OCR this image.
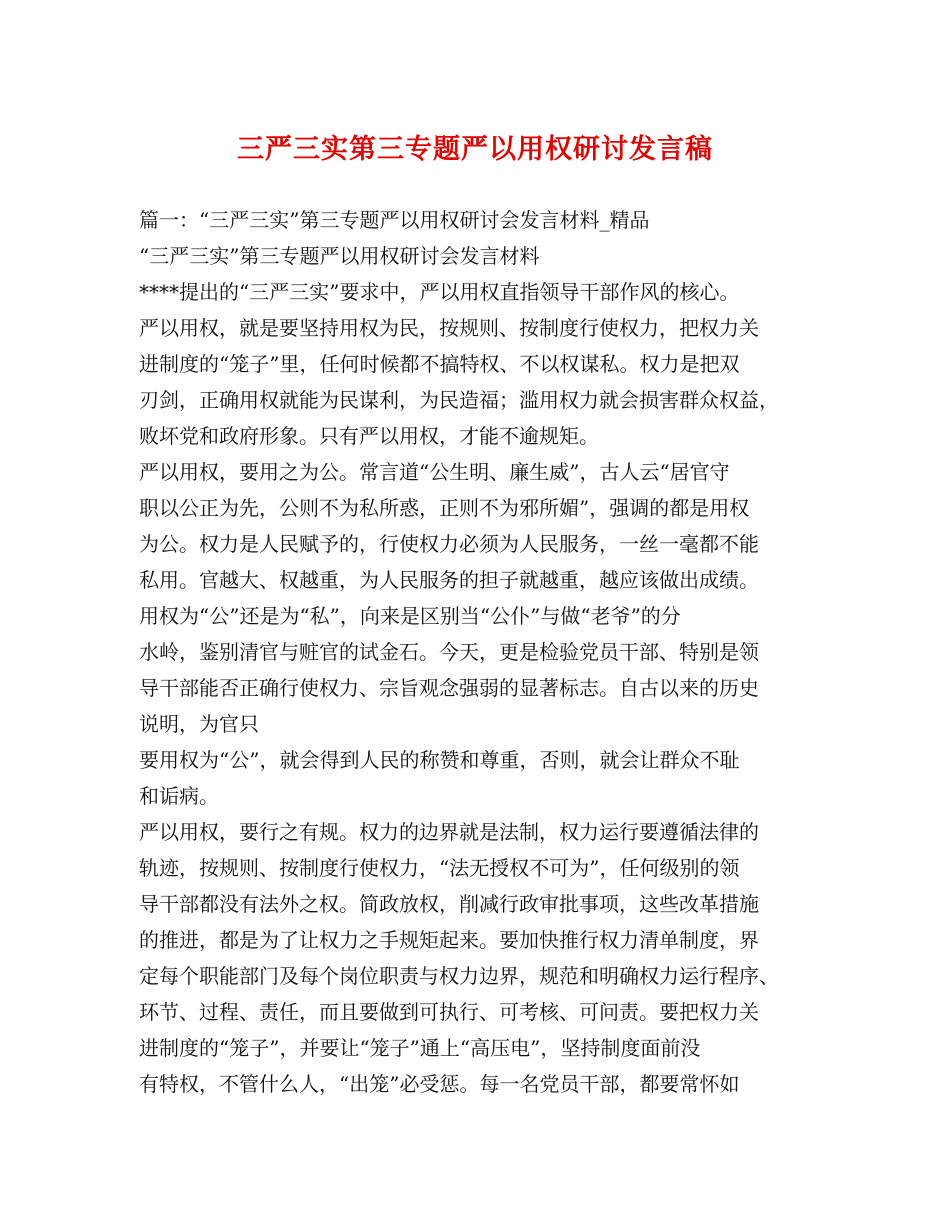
三严三实第三专题严以用权研讨发言稿
篇一：“三严三实”第三专题严以用权研讨会发言材料_精品
“三严三实”第三专题严以用权研讨会发言材料
****提出的“三严三实”要求中，严以用权直指领导干部作风的核心。
严以用权，就是要坚持用权为民，按规则、按制度行使权力，把权力关
进制度的“笼子”里，任何时候都不搞特权、不以权谋私。权力是把双
刃剑，正确用权就能为民谋利，为民造福；滥用权力就会损害群众权益，
败坏党和政府形象。只有严以用权，才能不逾规矩。
严以用权，要用之为公。常言道“公生明、廉生威”，古人云“居官守
职以公正为先，公则不为私所惑，正则不为邪所媚”，强调的都是用权
为公。权力是人民赋予的，行使权力必须为人民服务，一丝一毫都不能
私用。官越大、权越重，为人民服务的担子就越重，越应该做出成绩。
用权为“公”还是为“私”，向来是区别当“公仆”与做“老爷”的分
水岭，鉴别清官与赃官的试金石。今天，更是检验党员干部、特别是领
导干部能否正确行使权力、宗旨观念强弱的显著标志。自古以来的历史
说明，为官只
要用权为“公”，就会得到人民的称赞和尊重，否则，就会让群众不耻
和诟病。
严以用权，要行之有规。权力的边界就是法制，权力运行要遵循法律的
轨迹，按规则、按制度行使权力，“法无授权不可为”，任何级别的领
导干部都没有法外之权。简政放权，削减行政审批事项，这些改革措施
的推进，都是为了让权力之手规矩起来。要加快推行权力清单制度，界
定每个职能部门及每个岗位职责与权力边界，规范和明确权力运行程序、
环节、过程、责任，而且要做到可执行、可考核、可问责。要把权力关
进制度的“笼子”，并要让“笼子”通上“高压电”，坚持制度面前没
有特权，不管什么人，“出笼”必受惩。每一名党员干部，都要常怀如
